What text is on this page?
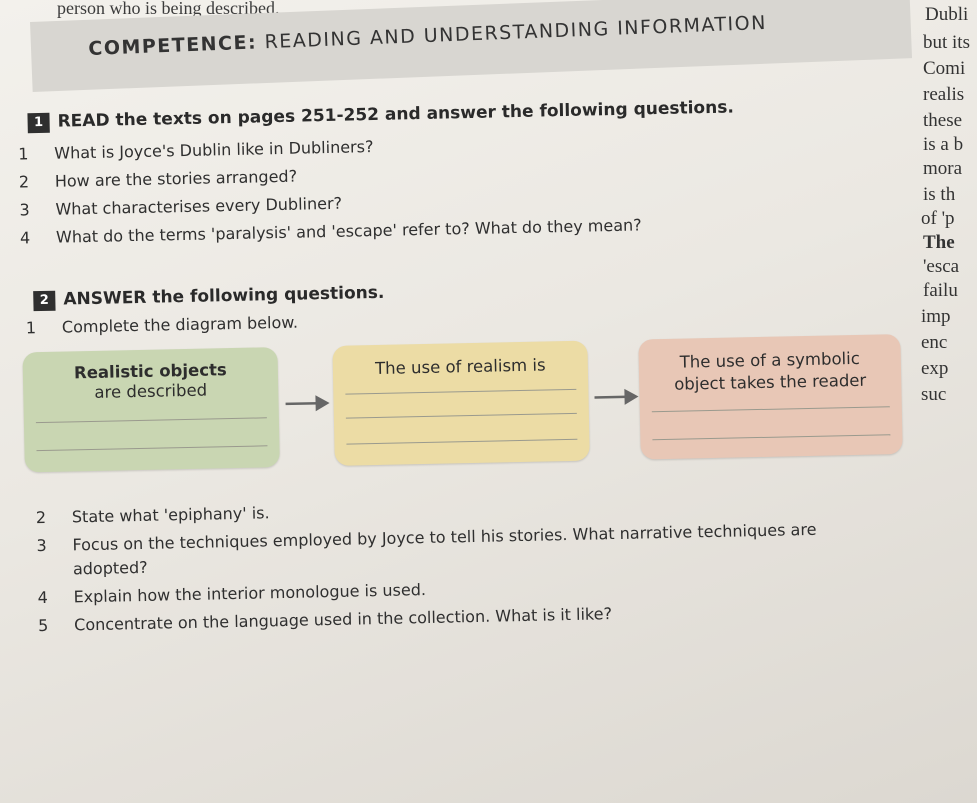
person who is being described.
COMPETENCE: READING AND UNDERSTANDING INFORMATION
1 READ the texts on pages 251-252 and answer the following questions.
1 What is Joyce's Dublin like in Dubliners?
2 How are the stories arranged?
3 What characterises every Dubliner?
4 What do the terms 'paralysis' and 'escape' refer to? What do they mean?
2 ANSWER the following questions.
1 Complete the diagram below.
Realistic objects
are described
The use of realism is	The use of a symbolic
object takes the reader
2 State what 'epiphany' is.
3 Focus on the techniques employed by Joyce to tell his stories. What narrative techniques are
adopted?
4 Explain how the interior monologue is used.
5 Concentrate on the language used in the collection. What is it like?
Dubli
but its
Comi
realis
these
is a b
mora
is th
of 'p
The
'esca
failu
imp
enc
exp
suc
